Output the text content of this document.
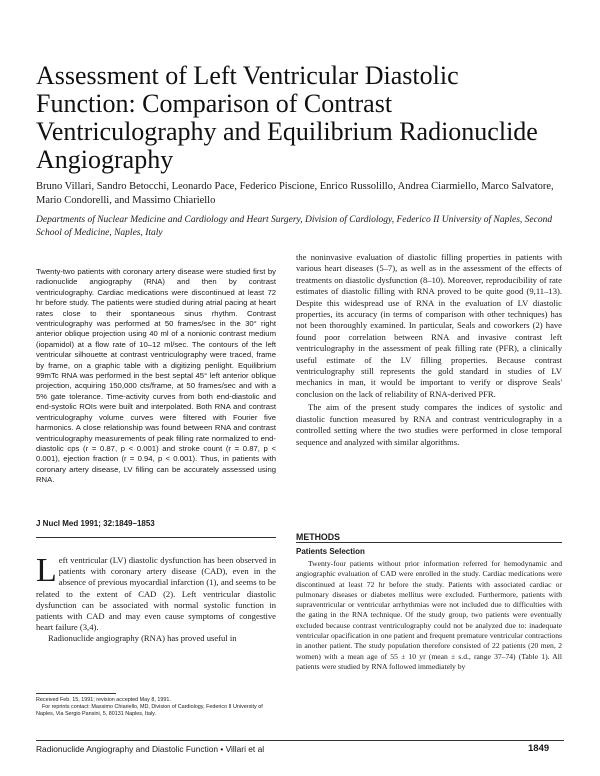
Assessment of Left Ventricular Diastolic Function: Comparison of Contrast Ventriculography and Equilibrium Radionuclide Angiography
Bruno Villari, Sandro Betocchi, Leonardo Pace, Federico Piscione, Enrico Russolillo, Andrea Ciarmiello, Marco Salvatore, Mario Condorelli, and Massimo Chiariello
Departments of Nuclear Medicine and Cardiology and Heart Surgery, Division of Cardiology, Federico II University of Naples, Second School of Medicine, Naples, Italy
Twenty-two patients with coronary artery disease were studied first by radionuclide angiography (RNA) and then by contrast ventriculography. Cardiac medications were discontinued at least 72 hr before study. The patients were studied during atrial pacing at heart rates close to their spontaneous sinus rhythm. Contrast ventriculography was performed at 50 frames/sec in the 30° right anterior oblique projection using 40 ml of a nonionic contrast medium (iopamidol) at a flow rate of 10–12 ml/sec. The contours of the left ventricular silhouette at contrast ventriculography were traced, frame by frame, on a graphic table with a digitizing penlight. Equilibrium 99mTc RNA was performed in the best septal 45° left anterior oblique projection, acquiring 150,000 cts/frame, at 50 frames/sec and with a 5% gate tolerance. Time-activity curves from both end-diastolic and end-systolic ROIs were built and interpolated. Both RNA and contrast ventriculography volume curves were filtered with Fourier five harmonics. A close relationship was found between RNA and contrast ventriculography measurements of peak filling rate normalized to end-diastolic cps (r = 0.87, p < 0.001) and stroke count (r = 0.87, p < 0.001), ejection fraction (r = 0.94, p < 0.001). Thus, in patients with coronary artery disease, LV filling can be accurately assessed using RNA.
J Nucl Med 1991; 32:1849–1853

Left ventricular (LV) diastolic dysfunction has been observed in patients with coronary artery disease (CAD), even in the absence of previous myocardial infarction (1), and seems to be related to the extent of CAD (2). Left ventricular diastolic dysfunction can be associated with normal systolic function in patients with CAD and may even cause symptoms of congestive heart failure (3,4).

Radionuclide angiography (RNA) has proved useful in

Received Feb. 15, 1991; revision accepted May 8, 1991.

For reprints contact: Massimo Chiariello, MD, Division of Cardiology, Federico II University of Naples, Via Sergio Pansini, 5, 80131 Naples, Italy.

the noninvasive evaluation of diastolic filling properties in patients with various heart diseases (5–7), as well as in the assessment of the effects of treatments on diastolic dysfunction (8–10). Moreover, reproducibility of rate estimates of diastolic filling with RNA proved to be quite good (9,11–13). Despite this widespread use of RNA in the evaluation of LV diastolic properties, its accuracy (in terms of comparison with other techniques) has not been thoroughly examined. In particular, Seals and coworkers (2) have found poor correlation between RNA and invasive contrast left ventriculography in the assessment of peak filling rate (PFR), a clinically useful estimate of the LV filling properties. Because contrast ventriculography still represents the gold standard in studies of LV mechanics in man, it would be important to verify or disprove Seals' conclusion on the lack of reliability of RNA-derived PFR.

The aim of the present study compares the indices of systolic and diastolic function measured by RNA and contrast ventriculography in a controlled setting where the two studies were performed in close temporal sequence and analyzed with similar algorithms.

METHODS
Patients Selection
Twenty-four patients without prior information referred for hemodynamic and angiographic evaluation of CAD were enrolled in the study. Cardiac medications were discontinued at least 72 hr before the study. Patients with associated cardiac or pulmonary diseases or diabetes mellitus were excluded. Furthermore, patients with supraventricular or ventricular arrhythmias were not included due to difficulties with the gating in the RNA technique. Of the study group, two patients were eventually excluded because contrast ventriculography could not be analyzed due to: inadequate ventricular opacification in one patient and frequent premature ventricular contractions in another patient. The study population therefore consisted of 22 patients (20 men, 2 women) with a mean age of 55 ± 10 yr (mean ± s.d., range 37–74) (Table 1). All patients were studied by RNA followed immediately by
Radionuclide Angiography and Diastolic Function • Villari et al	1849
